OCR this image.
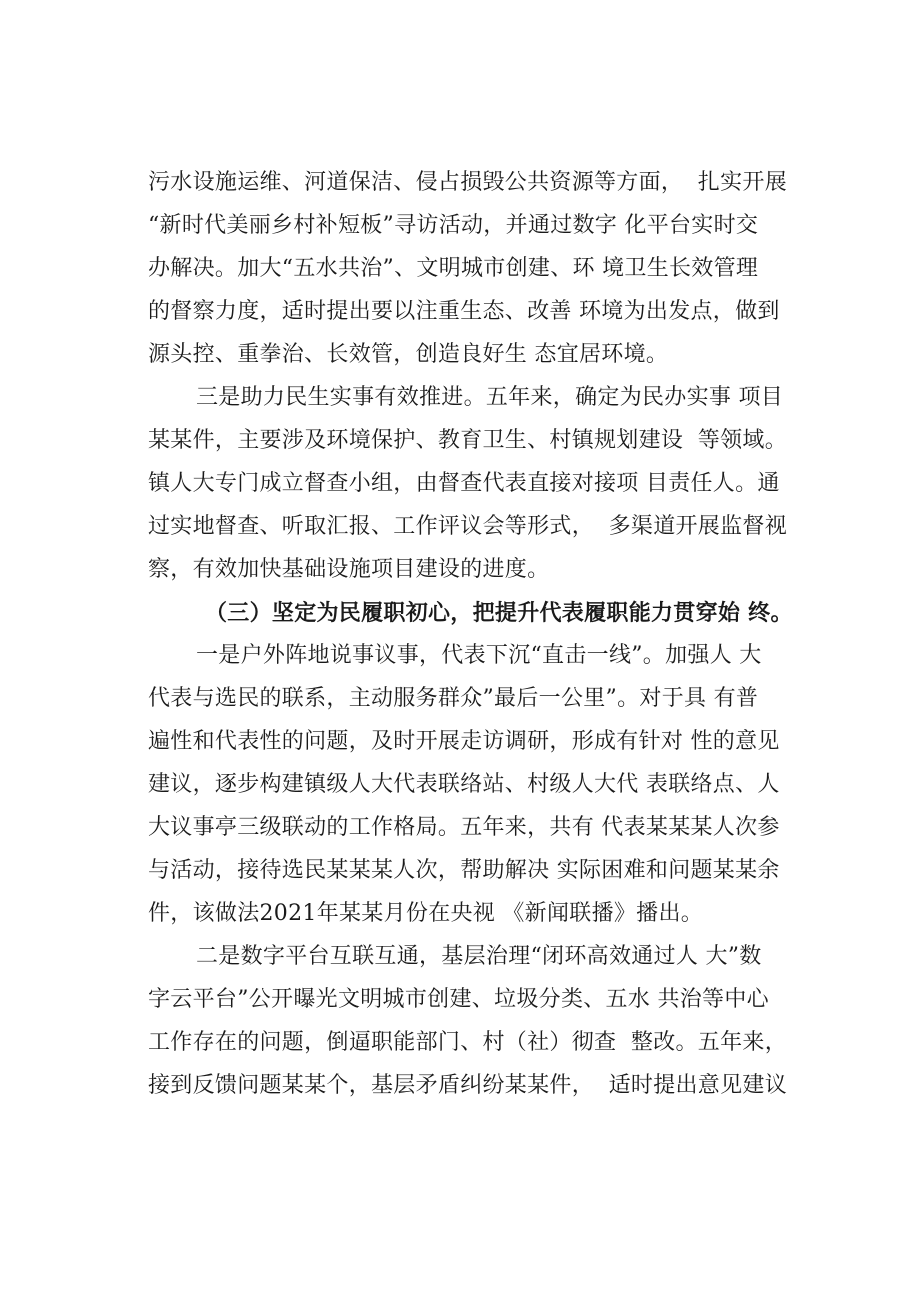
污水设施运维、河道保洁、侵占损毁公共资源等方面，  扎实开展
“新时代美丽乡村补短板”寻访活动，并通过数字 化平台实时交
办解决。加大“五水共治”、文明城市创建、环 境卫生长效管理
的督察力度，适时提出要以注重生态、改善 环境为出发点，做到
源头控、重拳治、长效管，创造良好生 态宜居环境。
三是助力民生实事有效推进。五年来，确定为民办实事 项目
某某件，主要涉及环境保护、教育卫生、村镇规划建设  等领域。
镇人大专门成立督查小组，由督查代表直接对接项 目责任人。通
过实地督查、听取汇报、工作评议会等形式，  多渠道开展监督视
察，有效加快基础设施项目建设的进度。
（三）坚定为民履职初心，把提升代表履职能力贯穿始 终。
一是户外阵地说事议事，代表下沉“直击一线”。加强人 大
代表与选民的联系，主动服务群众”最后一公里”。对于具 有普
遍性和代表性的问题，及时开展走访调研，形成有针对 性的意见
建议，逐步构建镇级人大代表联络站、村级人大代 表联络点、人
大议事亭三级联动的工作格局。五年来，共有 代表某某某人次参
与活动，接待选民某某某人次，帮助解决 实际困难和问题某某余
件，该做法2021年某某月份在央视 《新闻联播》播出。
二是数字平台互联互通，基层治理“闭环高效通过人 大”数
字云平台”公开曝光文明城市创建、垃圾分类、五水 共治等中心
工作存在的问题，倒逼职能部门、村（社）彻查  整改。五年来，
接到反馈问题某某个，基层矛盾纠纷某某件，  适时提出意见建议
